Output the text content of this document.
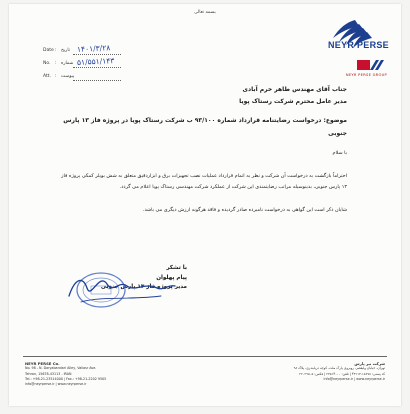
بسمه تعالی
NEYR PERSE
NEYR PERSE GROUP
Date : تاریخ ۱۴۰۱/۳/۲۸
No. : شماره ۵۱/۵۵۱/۱۴۳
Att. : پیوست
جناب آقای مهندس طاهر خرم آبادی
مدیر عامل محترم شرکت رستاک پویا
موضوع: درخواست رضایتنامه قرارداد شماره ۹۳/۱۰۰ ب شرکت رستاک پویا در پروژه فاز ۱۳ پارس جنوبی

با سلام

احتراماً بازگشت به درخواست آن شرکت و نظر به اتمام قرارداد عملیات نصب تجهیزات برق و ابزاردقیق متعلق به شش بویلر کمکی پروژه فاز ۱۳ پارس جنوبی، بدینوسیله مراتب رضایتمندی این شرکت از عملکرد شرکت مهندسی رستاک پویا اعلام می گردد.

شایان ذکر است این گواهی به درخواست نامبرده صادر گردیده و فاقد هرگونه ارزش دیگری می باشد.

با تشکر
پیام پهلوان
مدیر پروژه فاز ۱۳ پارس جنوبی
NEYR PERSE Co.
No. 98 - N. Daryabandari Alley, Valiasr Ave.
Tehran, 15678-43113 - IRAN
Tel.: +98-21-23514000 | Fax.: +98-21-2202 9505
info@neyrperse.ir | www.neyrperse.ir
شرکت نیر پارس
تهران، خیابان ولیعصر، روبروی پارک ملت، کوچه دریابندری، پلاک ۹۸
کد پستی: ۱۵۶۷۸-۴۳۱۱۳ | تلفن: ۲۳۵۱۴۰۰۰ | فکس: ۲۲۰۲۹۵۰۵
info@neyrperse.ir | www.neyrperse.ir
